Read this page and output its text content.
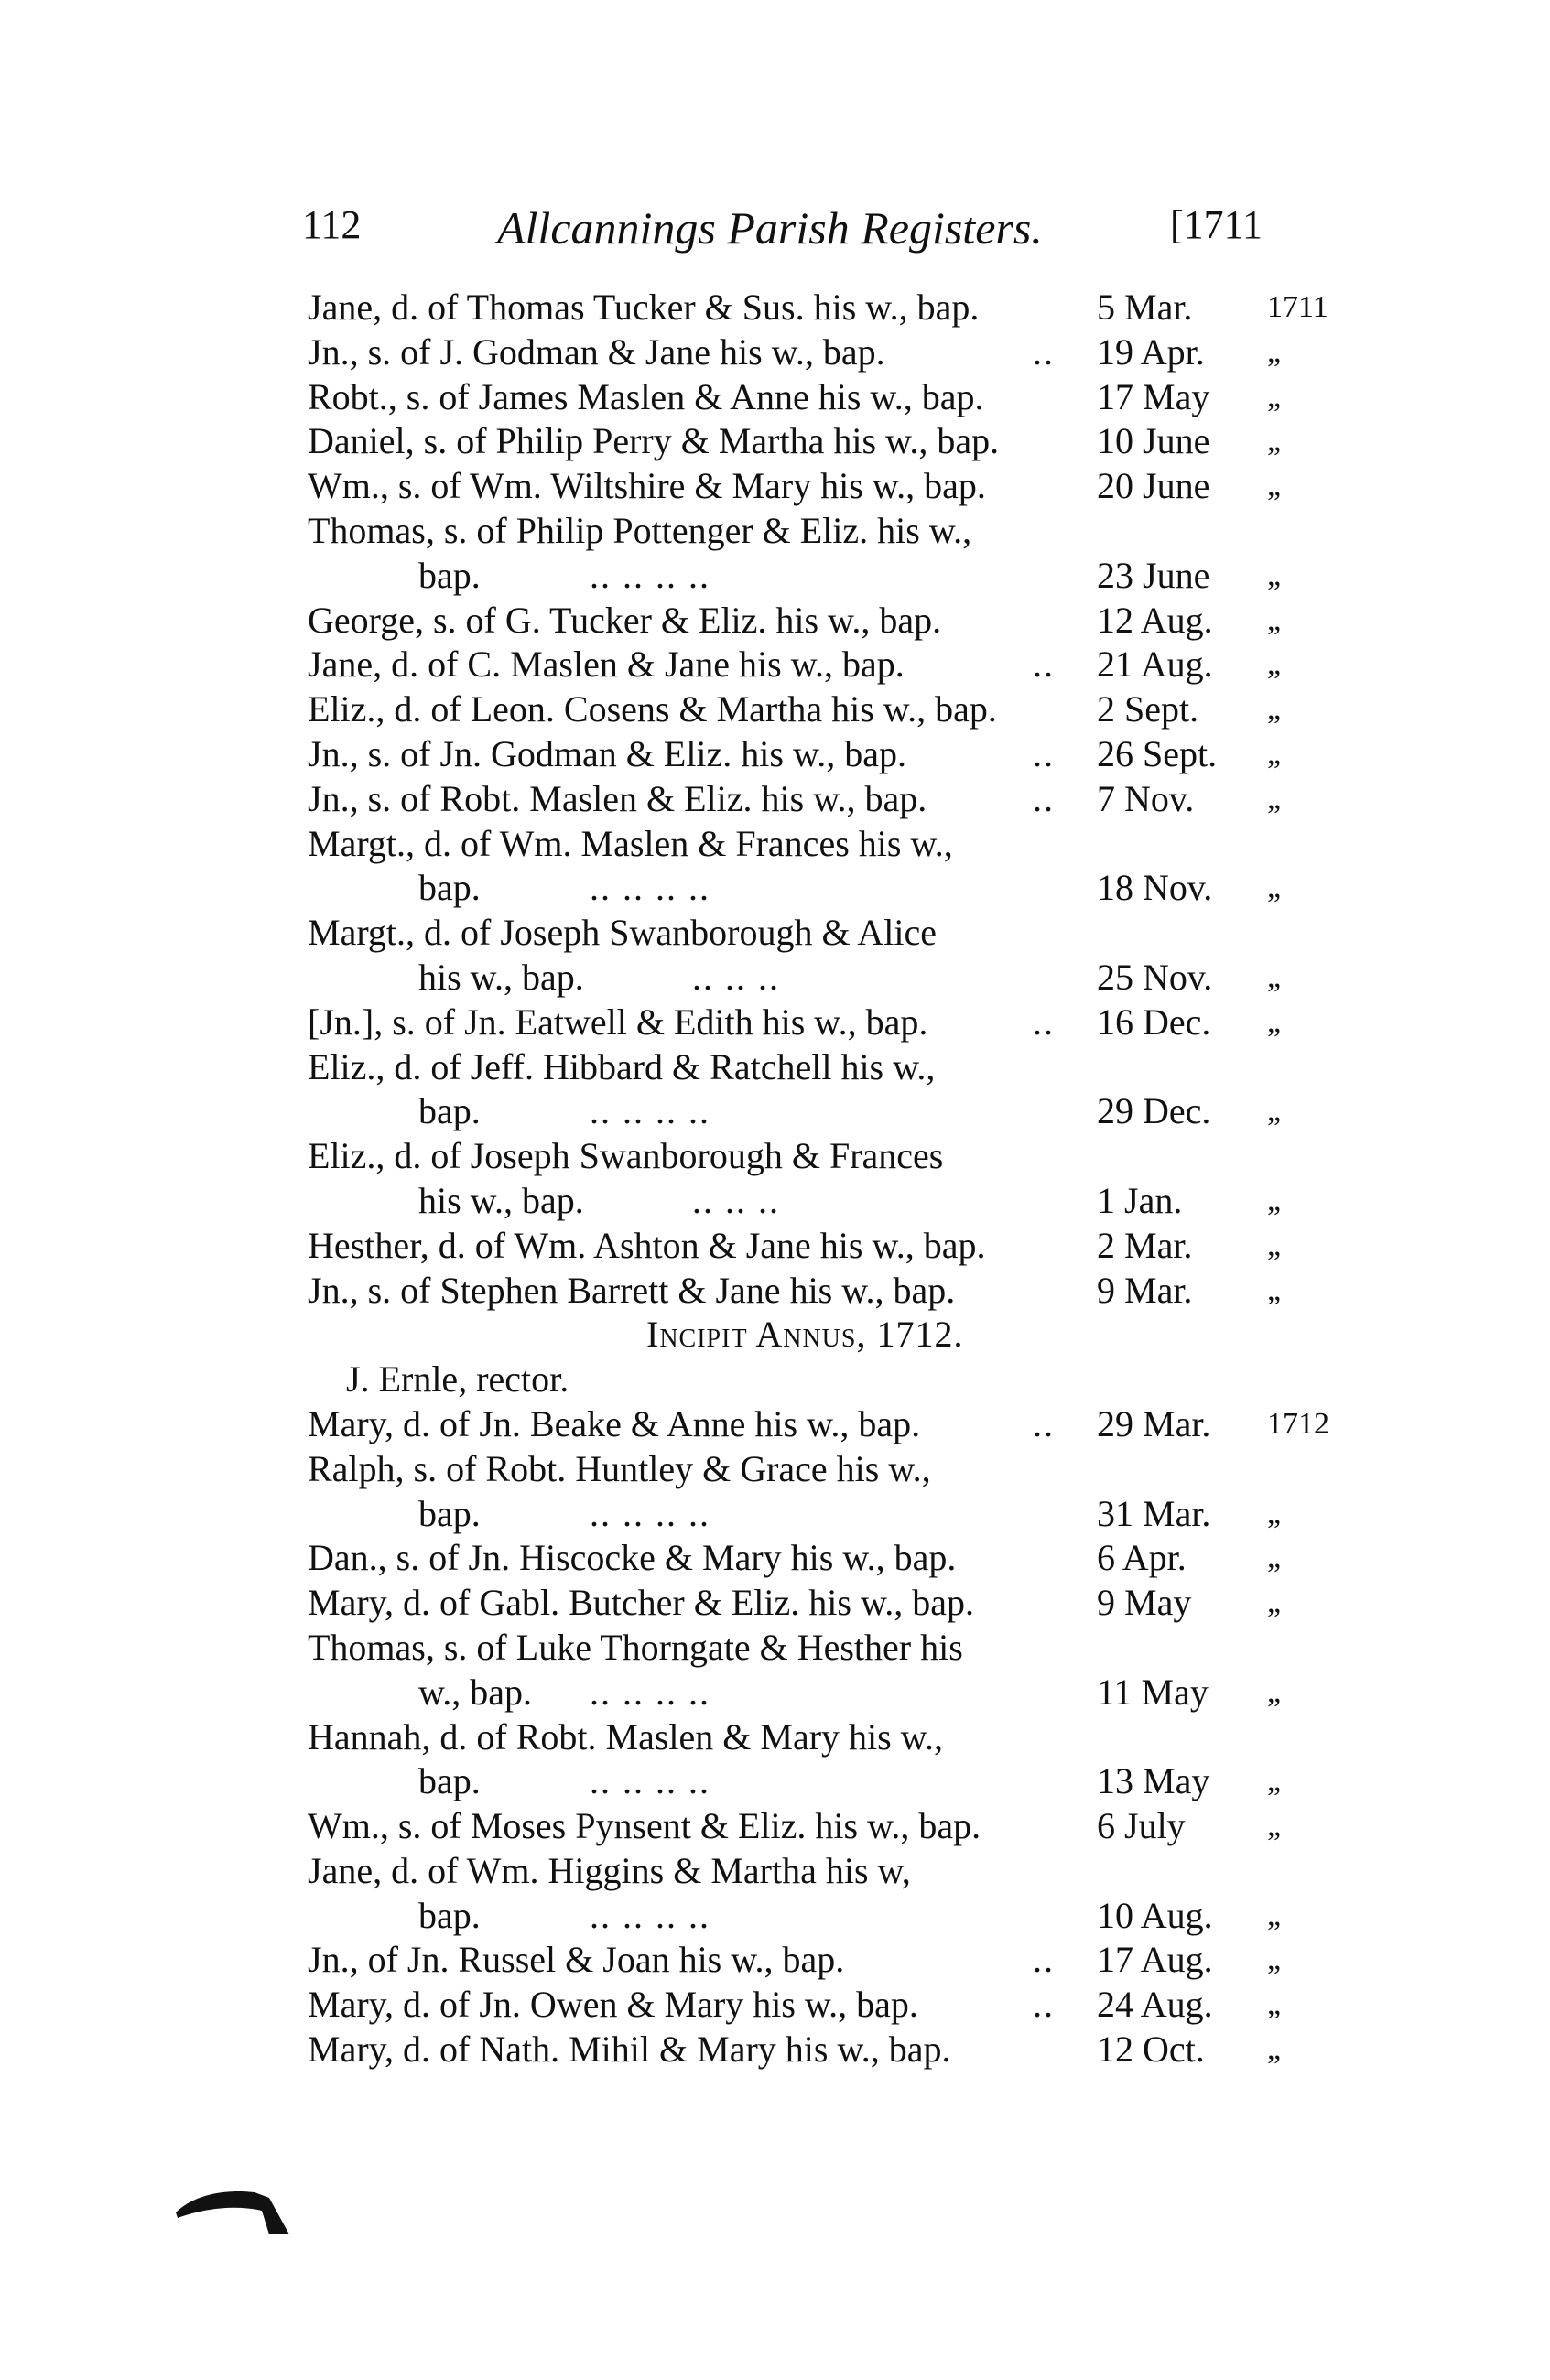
112	Allcannings Parish Registers.	[1711
Jane, d. of Thomas Tucker & Sus. his w., bap.	5 Mar. 1711
Jn., s. of J. Godman & Jane his w., bap.	.. 19 Apr. „
Robt., s. of James Maslen & Anne his w., bap.	17 May „
Daniel, s. of Philip Perry & Martha his w., bap.	10 June „
Wm., s. of Wm. Wiltshire & Mary his w., bap.	20 June „
Thomas, s. of Philip Pottenger & Eliz. his w.,
bap.	.. .. .. ..	23 June „
George, s. of G. Tucker & Eliz. his w., bap.	12 Aug. „
Jane, d. of C. Maslen & Jane his w., bap.	.. 21 Aug. „
Eliz., d. of Leon. Cosens & Martha his w., bap.	2 Sept. „
Jn., s. of Jn. Godman & Eliz. his w., bap.	.. 26 Sept. „
Jn., s. of Robt. Maslen & Eliz. his w., bap.	.. 7 Nov. „
Margt., d. of Wm. Maslen & Frances his w.,
bap.	.. .. .. ..	18 Nov. „
Margt., d. of Joseph Swanborough & Alice
his w., bap.	.. .. ..	25 Nov. „
[Jn.], s. of Jn. Eatwell & Edith his w., bap.	.. 16 Dec. „
Eliz., d. of Jeff. Hibbard & Ratchell his w.,
bap.	.. .. .. ..	29 Dec. „
Eliz., d. of Joseph Swanborough & Frances
his w., bap.	.. .. ..	1 Jan.	„
Hesther, d. of Wm. Ashton & Jane his w., bap.	2 Mar. „
Jn., s. of Stephen Barrett & Jane his w., bap.	9 Mar. „
Incipit Annus, 1712.
J. Ernle, rector.
Mary, d. of Jn. Beake & Anne his w., bap.	.. 29 Mar. 1712
Ralph, s. of Robt. Huntley & Grace his w.,
bap.	.. .. .. ..	31 Mar. „
Dan., s. of Jn. Hiscocke & Mary his w., bap.	6 Apr.	„
Mary, d. of Gabl. Butcher & Eliz. his w., bap.	9 May „
Thomas, s. of Luke Thorngate & Hesther his
w., bap. .. .. .. ..	11 May „
Hannah, d. of Robt. Maslen & Mary his w.,
bap.	.. .. .. ..	13 May „
Wm., s. of Moses Pynsent & Eliz. his w., bap.	6 July	„
Jane, d. of Wm. Higgins & Martha his w,
bap.	.. .. .. ..	10 Aug. „
Jn., of Jn. Russel & Joan his w., bap.	.. 17 Aug. „
Mary, d. of Jn. Owen & Mary his w., bap.	.. 24 Aug. „
Mary, d. of Nath. Mihil & Mary his w., bap.	12 Oct. „
